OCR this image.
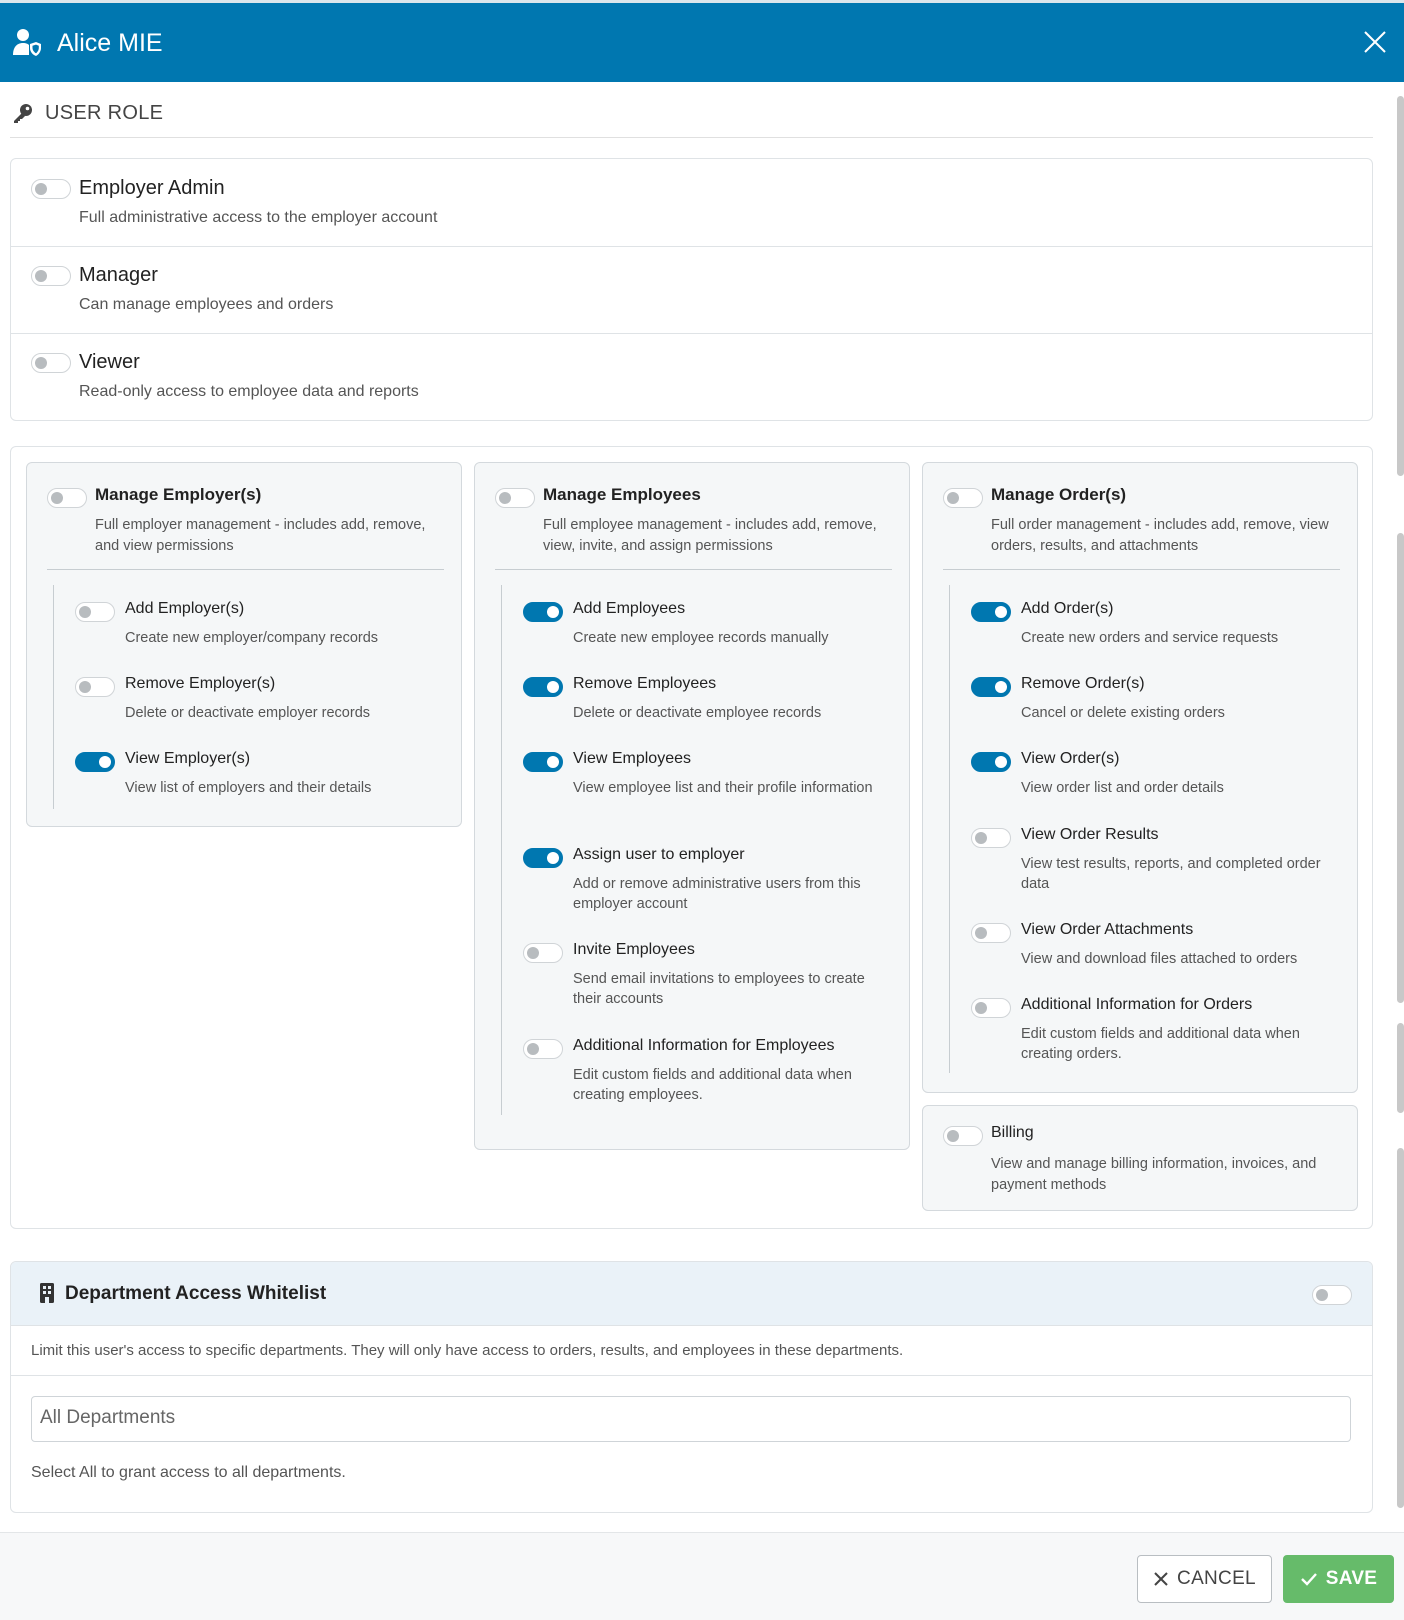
Alice MIE
USER ROLE
Employer Admin
Full administrative access to the employer account
Manager
Can manage employees and orders
Viewer
Read-only access to employee data and reports
Manage Employer(s)
Full employer management - includes add, remove, and view permissions
Add Employer(s)
Create new employer/company records
Remove Employer(s)
Delete or deactivate employer records
View Employer(s)
View list of employers and their details
Manage Employees
Full employee management - includes add, remove, view, invite, and assign permissions
Add Employees
Create new employee records manually
Remove Employees
Delete or deactivate employee records
View Employees
View employee list and their profile information
Assign user to employer
Add or remove administrative users from this employer account
Invite Employees
Send email invitations to employees to create their accounts
Additional Information for Employees
Edit custom fields and additional data when creating employees.
Manage Order(s)
Full order management - includes add, remove, view orders, results, and attachments
Add Order(s)
Create new orders and service requests
Remove Order(s)
Cancel or delete existing orders
View Order(s)
View order list and order details
View Order Results
View test results, reports, and completed order data
View Order Attachments
View and download files attached to orders
Additional Information for Orders
Edit custom fields and additional data when creating orders.
Billing
View and manage billing information, invoices, and payment methods
Department Access Whitelist
Limit this user's access to specific departments. They will only have access to orders, results, and employees in these departments.
All Departments
Select All to grant access to all departments.
CANCEL	SAVE
